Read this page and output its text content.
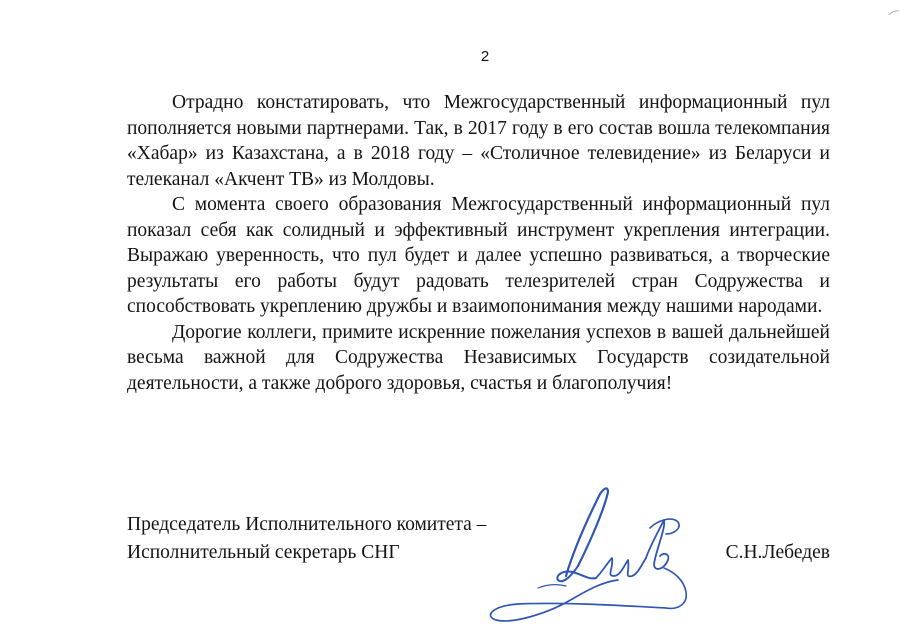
2

Отрадно констатировать, что Межгосударственный информационный пул пополняется новыми партнерами. Так, в 2017 году в его состав вошла телекомпания «Хабар» из Казахстана, а в 2018 году – «Столичное телевидение» из Беларуси и телеканал «Акчент ТВ» из Молдовы.

С момента своего образования Межгосударственный информационный пул показал себя как солидный и эффективный инструмент укрепления интеграции. Выражаю уверенность, что пул будет и далее успешно развиваться, а творческие результаты его работы будут радовать телезрителей стран Содружества и способствовать укреплению дружбы и взаимопонимания между нашими народами.

Дорогие коллеги, примите искренние пожелания успехов в вашей дальнейшей весьма важной для Содружества Независимых Государств созидательной деятельности, а также доброго здоровья, счастья и благополучия!

Председатель Исполнительного комитета –
Исполнительный секретарь СНГ	С.Н.Лебедев
